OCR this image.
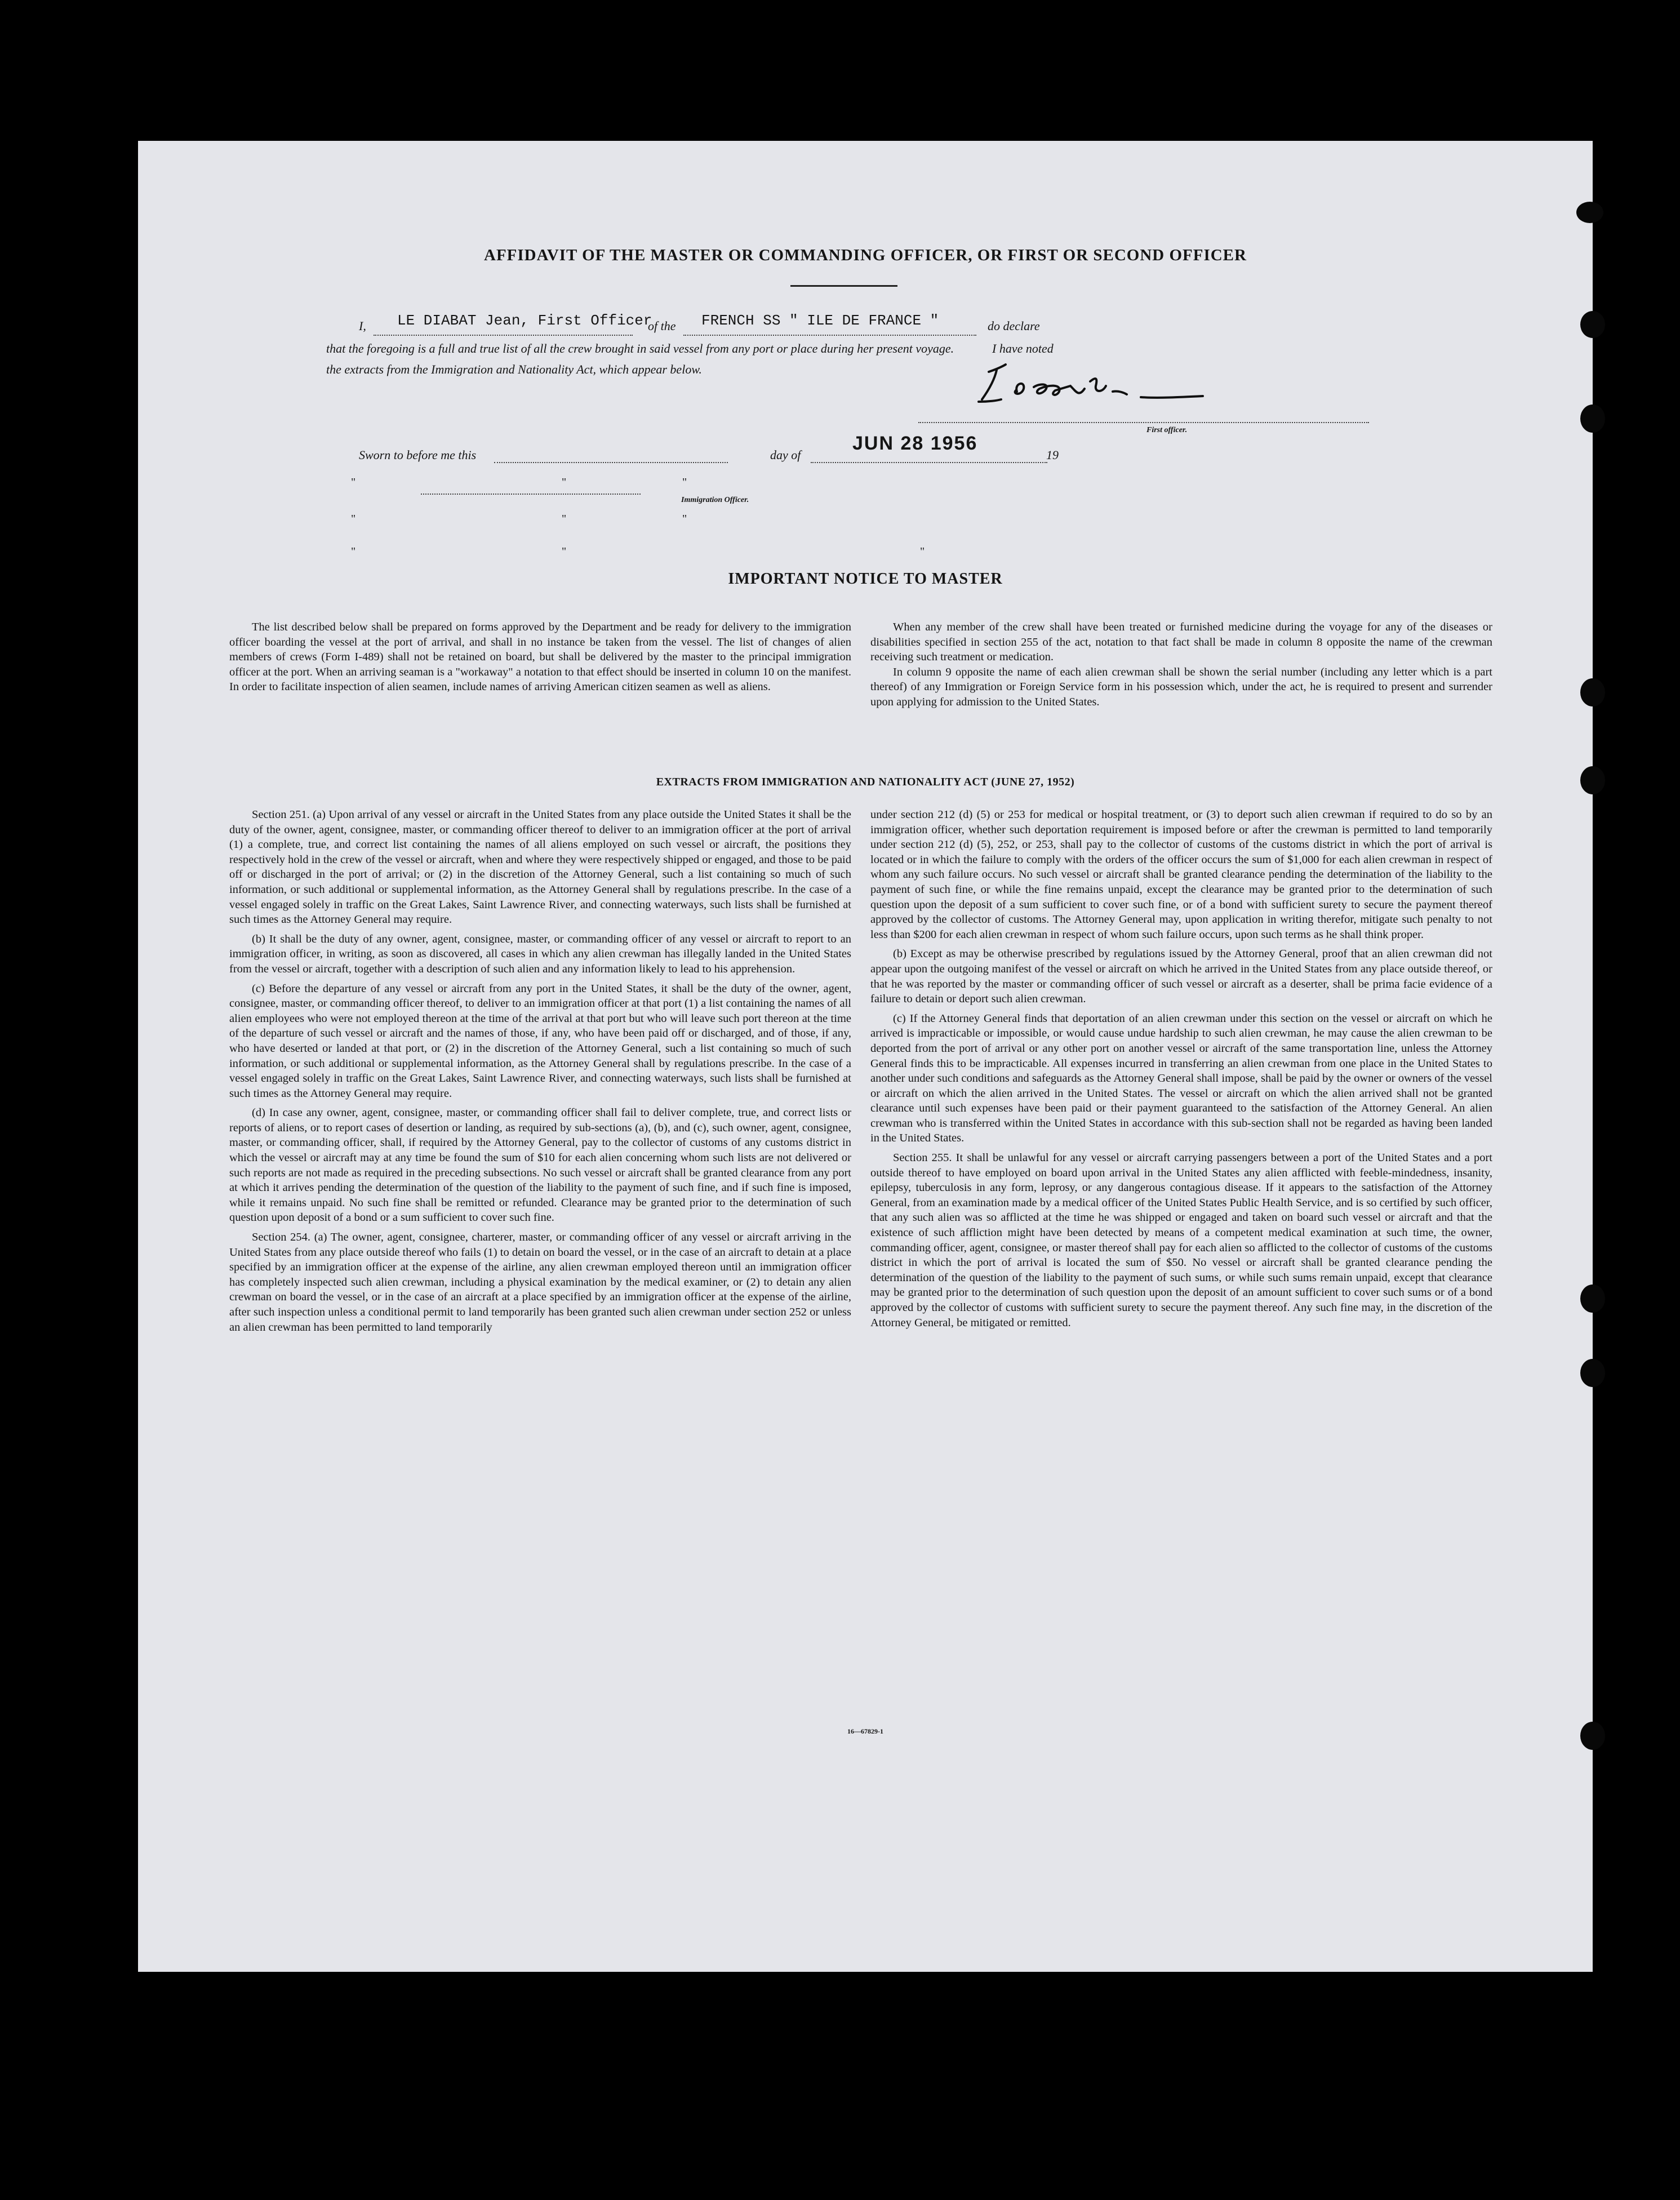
AFFIDAVIT OF THE MASTER OR COMMANDING OFFICER, OR FIRST OR SECOND OFFICER
I, LE DIABAT Jean, First Officer
of the FRENCH SS " ILE DE FRANCE "	do declare
that the foregoing is a full and true list of all the crew brought in said vessel from any port or place during her present voyage.	I have noted
the extracts from the Immigration and Nationality Act, which appear below.
First officer.
Sworn to before me this	day of
JUN 28 1956
19
"	"	"
Immigration Officer.
"	"	"
"	"	"
IMPORTANT NOTICE TO MASTER

The list described below shall be prepared on forms approved by the Department and be ready for delivery to the immigration officer boarding the vessel at the port of arrival, and shall in no instance be taken from the vessel. The list of changes of alien members of crews (Form I-489) shall not be retained on board, but shall be delivered by the master to the principal immigration officer at the port. When an arriving seaman is a "workaway" a notation to that effect should be inserted in column 10 on the manifest. In order to facilitate inspection of alien seamen, include names of arriving American citizen seamen as well as aliens.

When any member of the crew shall have been treated or furnished medicine during the voyage for any of the diseases or disabilities specified in section 255 of the act, notation to that fact shall be made in column 8 opposite the name of the crewman receiving such treatment or medication.

In column 9 opposite the name of each alien crewman shall be shown the serial number (including any letter which is a part thereof) of any Immigration or Foreign Service form in his possession which, under the act, he is required to present and surrender upon applying for admission to the United States.

EXTRACTS FROM IMMIGRATION AND NATIONALITY ACT (JUNE 27, 1952)

Section 251. (a) Upon arrival of any vessel or aircraft in the United States from any place outside the United States it shall be the duty of the owner, agent, consignee, master, or commanding officer thereof to deliver to an immigration officer at the port of arrival (1) a complete, true, and correct list containing the names of all aliens employed on such vessel or aircraft, the positions they respectively hold in the crew of the vessel or aircraft, when and where they were respectively shipped or engaged, and those to be paid off or discharged in the port of arrival; or (2) in the discretion of the Attorney General, such a list containing so much of such information, or such additional or supplemental information, as the Attorney General shall by regulations prescribe. In the case of a vessel engaged solely in traffic on the Great Lakes, Saint Lawrence River, and connecting waterways, such lists shall be furnished at such times as the Attorney General may require.

(b) It shall be the duty of any owner, agent, consignee, master, or commanding officer of any vessel or aircraft to report to an immigration officer, in writing, as soon as discovered, all cases in which any alien crewman has illegally landed in the United States from the vessel or aircraft, together with a description of such alien and any information likely to lead to his apprehension.

(c) Before the departure of any vessel or aircraft from any port in the United States, it shall be the duty of the owner, agent, consignee, master, or commanding officer thereof, to deliver to an immigration officer at that port (1) a list containing the names of all alien employees who were not employed thereon at the time of the arrival at that port but who will leave such port thereon at the time of the departure of such vessel or aircraft and the names of those, if any, who have been paid off or discharged, and of those, if any, who have deserted or landed at that port, or (2) in the discretion of the Attorney General, such a list containing so much of such information, or such additional or supplemental information, as the Attorney General shall by regulations prescribe. In the case of a vessel engaged solely in traffic on the Great Lakes, Saint Lawrence River, and connecting waterways, such lists shall be furnished at such times as the Attorney General may require.

(d) In case any owner, agent, consignee, master, or commanding officer shall fail to deliver complete, true, and correct lists or reports of aliens, or to report cases of desertion or landing, as required by sub-sections (a), (b), and (c), such owner, agent, consignee, master, or commanding officer, shall, if required by the Attorney General, pay to the collector of customs of any customs district in which the vessel or aircraft may at any time be found the sum of $10 for each alien concerning whom such lists are not delivered or such reports are not made as required in the preceding subsections. No such vessel or aircraft shall be granted clearance from any port at which it arrives pending the determination of the question of the liability to the payment of such fine, and if such fine is imposed, while it remains unpaid. No such fine shall be remitted or refunded. Clearance may be granted prior to the determination of such question upon deposit of a bond or a sum sufficient to cover such fine.

Section 254. (a) The owner, agent, consignee, charterer, master, or commanding officer of any vessel or aircraft arriving in the United States from any place outside thereof who fails (1) to detain on board the vessel, or in the case of an aircraft to detain at a place specified by an immigration officer at the expense of the airline, any alien crewman employed thereon until an immigration officer has completely inspected such alien crewman, including a physical examination by the medical examiner, or (2) to detain any alien crewman on board the vessel, or in the case of an aircraft at a place specified by an immigration officer at the expense of the airline, after such inspection unless a conditional permit to land temporarily has been granted such alien crewman under section 252 or unless an alien crewman has been permitted to land temporarily

under section 212 (d) (5) or 253 for medical or hospital treatment, or (3) to deport such alien crewman if required to do so by an immigration officer, whether such deportation requirement is imposed before or after the crewman is permitted to land temporarily under section 212 (d) (5), 252, or 253, shall pay to the collector of customs of the customs district in which the port of arrival is located or in which the failure to comply with the orders of the officer occurs the sum of $1,000 for each alien crewman in respect of whom any such failure occurs. No such vessel or aircraft shall be granted clearance pending the determination of the liability to the payment of such fine, or while the fine remains unpaid, except the clearance may be granted prior to the determination of such question upon the deposit of a sum sufficient to cover such fine, or of a bond with sufficient surety to secure the payment thereof approved by the collector of customs. The Attorney General may, upon application in writing therefor, mitigate such penalty to not less than $200 for each alien crewman in respect of whom such failure occurs, upon such terms as he shall think proper.

(b) Except as may be otherwise prescribed by regulations issued by the Attorney General, proof that an alien crewman did not appear upon the outgoing manifest of the vessel or aircraft on which he arrived in the United States from any place outside thereof, or that he was reported by the master or commanding officer of such vessel or aircraft as a deserter, shall be prima facie evidence of a failure to detain or deport such alien crewman.

(c) If the Attorney General finds that deportation of an alien crewman under this section on the vessel or aircraft on which he arrived is impracticable or impossible, or would cause undue hardship to such alien crewman, he may cause the alien crewman to be deported from the port of arrival or any other port on another vessel or aircraft of the same transportation line, unless the Attorney General finds this to be impracticable. All expenses incurred in transferring an alien crewman from one place in the United States to another under such conditions and safeguards as the Attorney General shall impose, shall be paid by the owner or owners of the vessel or aircraft on which the alien arrived in the United States. The vessel or aircraft on which the alien arrived shall not be granted clearance until such expenses have been paid or their payment guaranteed to the satisfaction of the Attorney General. An alien crewman who is transferred within the United States in accordance with this sub-section shall not be regarded as having been landed in the United States.

Section 255. It shall be unlawful for any vessel or aircraft carrying passengers between a port of the United States and a port outside thereof to have employed on board upon arrival in the United States any alien afflicted with feeble-mindedness, insanity, epilepsy, tuberculosis in any form, leprosy, or any dangerous contagious disease. If it appears to the satisfaction of the Attorney General, from an examination made by a medical officer of the United States Public Health Service, and is so certified by such officer, that any such alien was so afflicted at the time he was shipped or engaged and taken on board such vessel or aircraft and that the existence of such affliction might have been detected by means of a competent medical examination at such time, the owner, commanding officer, agent, consignee, or master thereof shall pay for each alien so afflicted to the collector of customs of the customs district in which the port of arrival is located the sum of $50. No vessel or aircraft shall be granted clearance pending the determination of the question of the liability to the payment of such sums, or while such sums remain unpaid, except that clearance may be granted prior to the determination of such question upon the deposit of an amount sufficient to cover such sums or of a bond approved by the collector of customs with sufficient surety to secure the payment thereof. Any such fine may, in the discretion of the Attorney General, be mitigated or remitted.

16—67829-1
